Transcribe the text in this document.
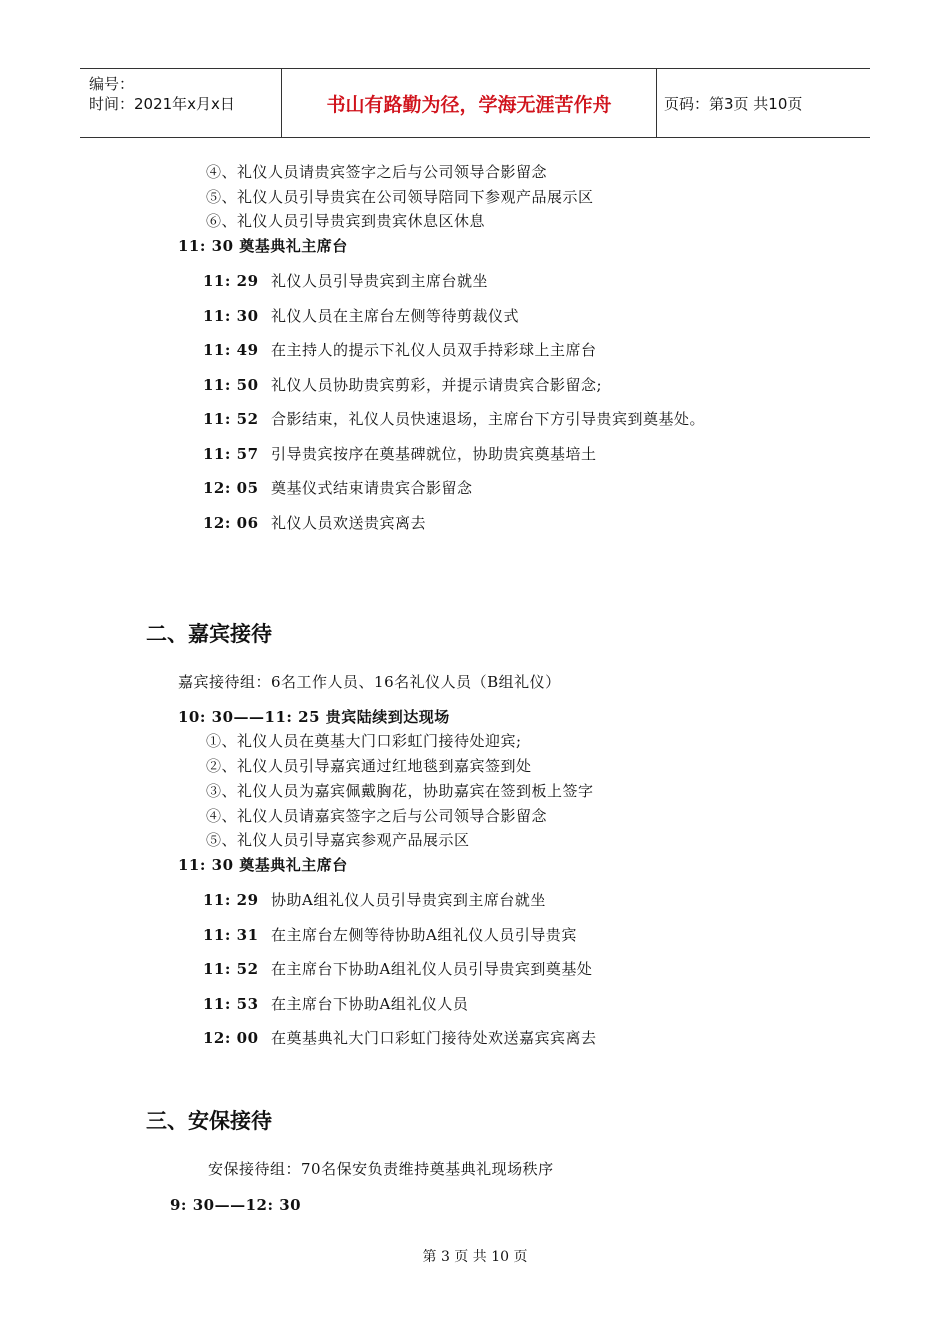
编号：
时间：2021年x月x日	书山有路勤为径，学海无涯苦作舟	页码：第3页 共10页
④、礼仪人员请贵宾签字之后与公司领导合影留念
⑤、礼仪人员引导贵宾在公司领导陪同下参观产品展示区
⑥、礼仪人员引导贵宾到贵宾休息区休息
11: 30 奠基典礼主席台
11: 29 礼仪人员引导贵宾到主席台就坐
11: 30 礼仪人员在主席台左侧等待剪裁仪式
11: 49 在主持人的提示下礼仪人员双手持彩球上主席台
11: 50 礼仪人员协助贵宾剪彩，并提示请贵宾合影留念;
11: 52 合影结束，礼仪人员快速退场，主席台下方引导贵宾到奠基处。
11: 57 引导贵宾按序在奠基碑就位，协助贵宾奠基培土
12: 05 奠基仪式结束请贵宾合影留念
12: 06 礼仪人员欢送贵宾离去
二、嘉宾接待
嘉宾接待组：6名工作人员、16名礼仪人员（B组礼仪）
10: 30——11: 25 贵宾陆续到达现场
①、礼仪人员在奠基大门口彩虹门接待处迎宾;
②、礼仪人员引导嘉宾通过红地毯到嘉宾签到处
③、礼仪人员为嘉宾佩戴胸花，协助嘉宾在签到板上签字
④、礼仪人员请嘉宾签字之后与公司领导合影留念
⑤、礼仪人员引导嘉宾参观产品展示区
11: 30 奠基典礼主席台
11: 29 协助A组礼仪人员引导贵宾到主席台就坐
11: 31 在主席台左侧等待协助A组礼仪人员引导贵宾
11: 52 在主席台下协助A组礼仪人员引导贵宾到奠基处
11: 53 在主席台下协助A组礼仪人员
12: 00 在奠基典礼大门口彩虹门接待处欢送嘉宾宾离去
三、安保接待
安保接待组：70名保安负责维持奠基典礼现场秩序
9: 30——12: 30
第 3 页 共 10 页
